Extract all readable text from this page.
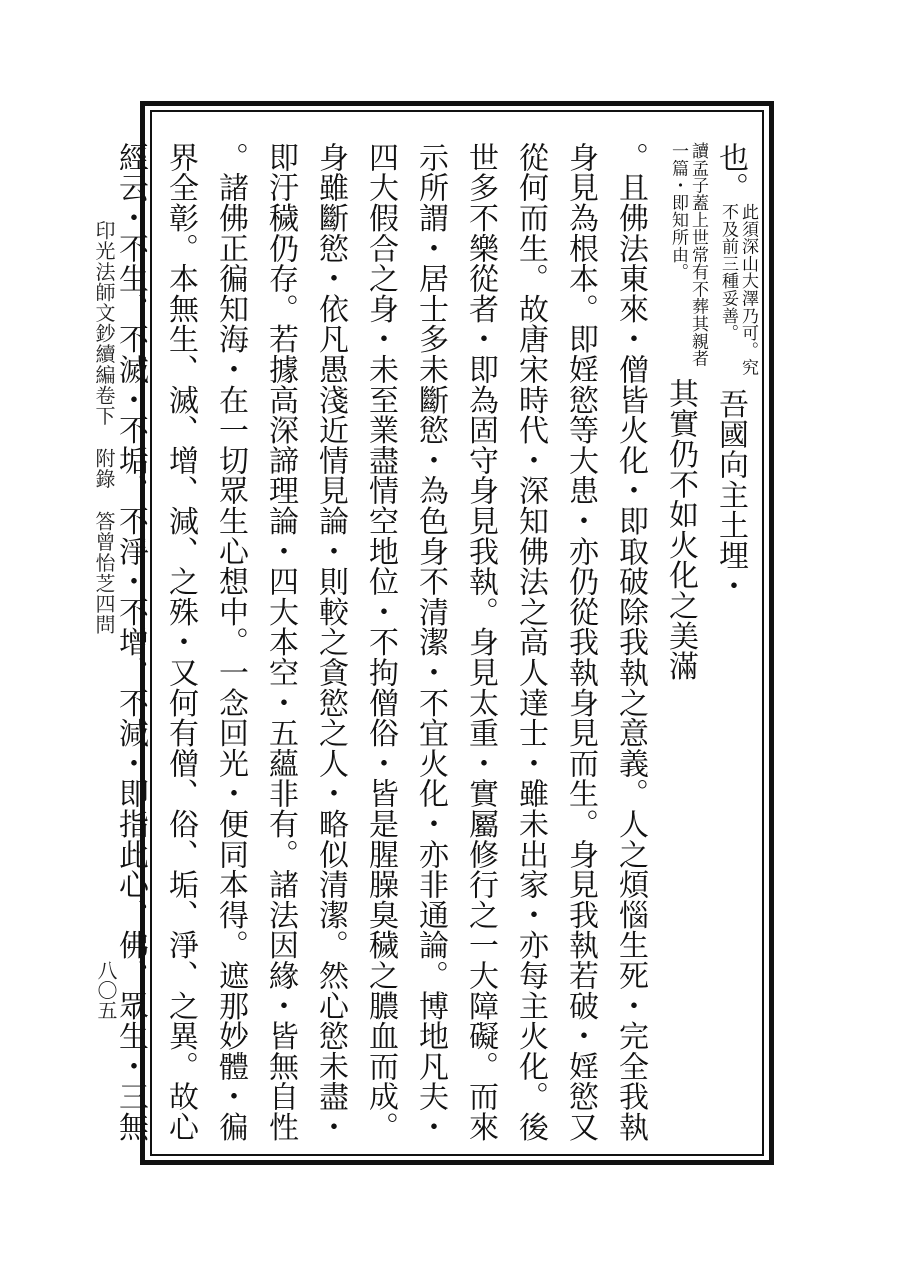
印光法師文鈔續編卷下附錄答曾怡芝四問
也。此須深山大澤乃可。究不及前三種妥善。吾國向主土埋・
讀孟子蓋上世常有不葬其親者一篇・即知所由。其實仍不如火化之美滿
。且佛法東來・僧皆火化・即取破除我執之意義。人之煩惱生死・完全我執
身見為根本。即婬慾等大患・亦仍從我執身見而生。身見我執若破・婬慾又
從何而生。故唐宋時代・深知佛法之高人達士・雖未出家・亦每主火化。後
世多不樂從者・即為固守身見我執。身見太重・實屬修行之一大障礙。而來
示所謂・居士多未斷慾・為色身不清潔・不宜火化・亦非通論。博地凡夫・
四大假合之身・未至業盡情空地位・不拘僧俗・皆是腥臊臭穢之膿血而成。
身雖斷慾・依凡愚淺近情見論・則較之貪慾之人・略似清潔。然心慾未盡・
即汙穢仍存。若據高深諦理論・四大本空・五蘊非有。諸法因緣・皆無自性
。諸佛正徧知海・在一切眾生心想中。一念回光・便同本得。遮那妙體・徧
界全彰。本無生、滅、增、減、之殊・又何有僧、俗、垢、淨、之異。故心
經云・不生、不滅・不垢、不淨・不增、不減・即指此心、佛、眾生・三無
八〇五
